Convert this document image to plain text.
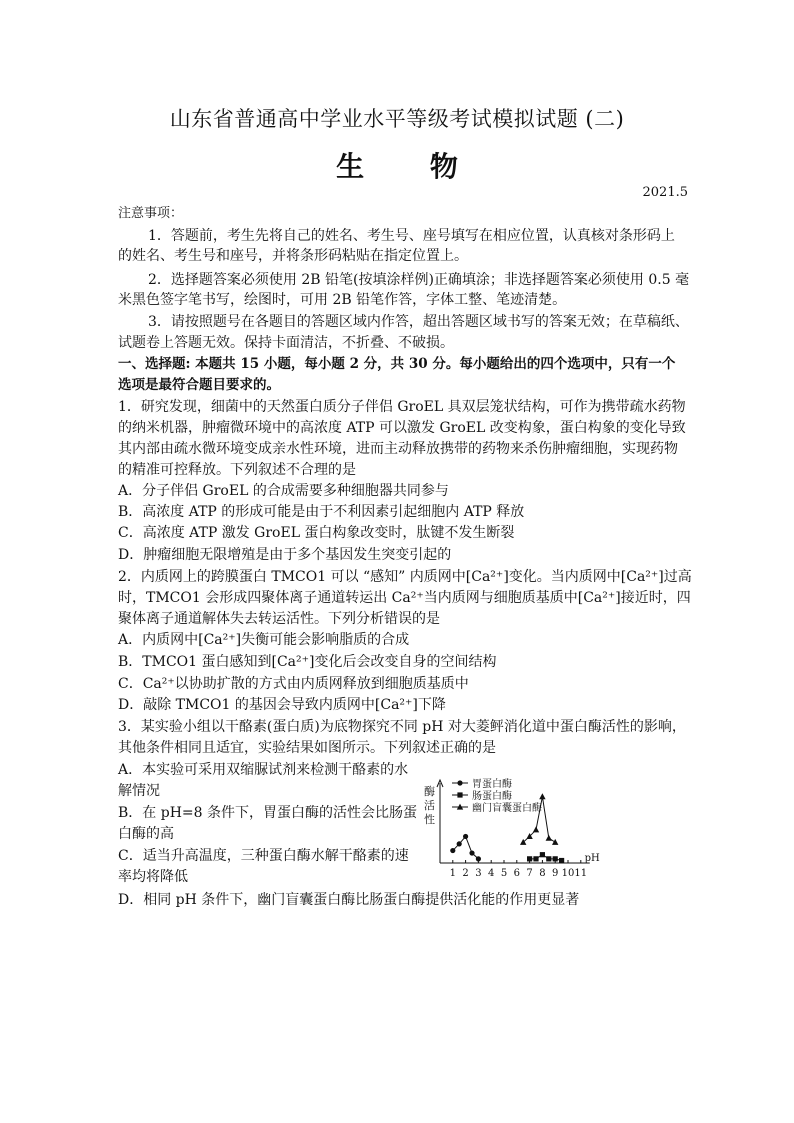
山东省普通高中学业水平等级考试模拟试题 (二)
生 物
2021.5
注意事项：
1．答题前，考生先将自己的姓名、考生号、座号填写在相应位置，认真核对条形码上
的姓名、考生号和座号，并将条形码粘贴在指定位置上。
2．选择题答案必须使用 2B 铅笔(按填涂样例)正确填涂；非选择题答案必须使用 0.5 毫
米黑色签字笔书写，绘图时，可用 2B 铅笔作答，字体工整、笔迹清楚。
3．请按照题号在各题目的答题区域内作答，超出答题区域书写的答案无效；在草稿纸、
试题卷上答题无效。保持卡面清洁，不折叠、不破损。
一、选择题: 本题共 15 小题，每小题 2 分，共 30 分。每小题给出的四个选项中，只有一个
选项是最符合题目要求的。
1．研究发现，细菌中的天然蛋白质分子伴侣 GroEL 具双层笼状结构，可作为携带疏水药物
的纳米机器，肿瘤微环境中的高浓度 ATP 可以激发 GroEL 改变构象，蛋白构象的变化导致
其内部由疏水微环境变成亲水性环境，进而主动释放携带的药物来杀伤肿瘤细胞，实现药物
的精准可控释放。下列叙述不合理的是
A．分子伴侣 GroEL 的合成需要多种细胞器共同参与
B．高浓度 ATP 的形成可能是由于不利因素引起细胞内 ATP 释放
C．高浓度 ATP 激发 GroEL 蛋白构象改变时，肽键不发生断裂
D．肿瘤细胞无限增殖是由于多个基因发生突变引起的
2．内质网上的跨膜蛋白 TMCO1 可以 “感知” 内质网中[Ca²⁺]变化。当内质网中[Ca²⁺]过高
时，TMCO1 会形成四聚体离子通道转运出 Ca²⁺当内质网与细胞质基质中[Ca²⁺]接近时，四
聚体离子通道解体失去转运活性。下列分析错误的是
A．内质网中[Ca²⁺]失衡可能会影响脂质的合成
B．TMCO1 蛋白感知到[Ca²⁺]变化后会改变自身的空间结构
C．Ca²⁺以协助扩散的方式由内质网释放到细胞质基质中
D．敲除 TMCO1 的基因会导致内质网中[Ca²⁺]下降
3．某实验小组以干酪素(蛋白质)为底物探究不同 pH 对大菱鲆消化道中蛋白酶活性的影响，
其他条件相同且适宜，实验结果如图所示。下列叙述正确的是
A．本实验可采用双缩脲试剂来检测干酪素的水
解情况
B．在 pH=8 条件下，胃蛋白酶的活性会比肠蛋
白酶的高
C．适当升高温度，三种蛋白酶水解干酪素的速
率均将降低
D．相同 pH 条件下，幽门盲囊蛋白酶比肠蛋白酶提供活化能的作用更显著
酶
活
性
pH
1 2 3 4 5 6 7 8 9 10 11
胃蛋白酶
肠蛋白酶
幽门盲囊蛋白酶
